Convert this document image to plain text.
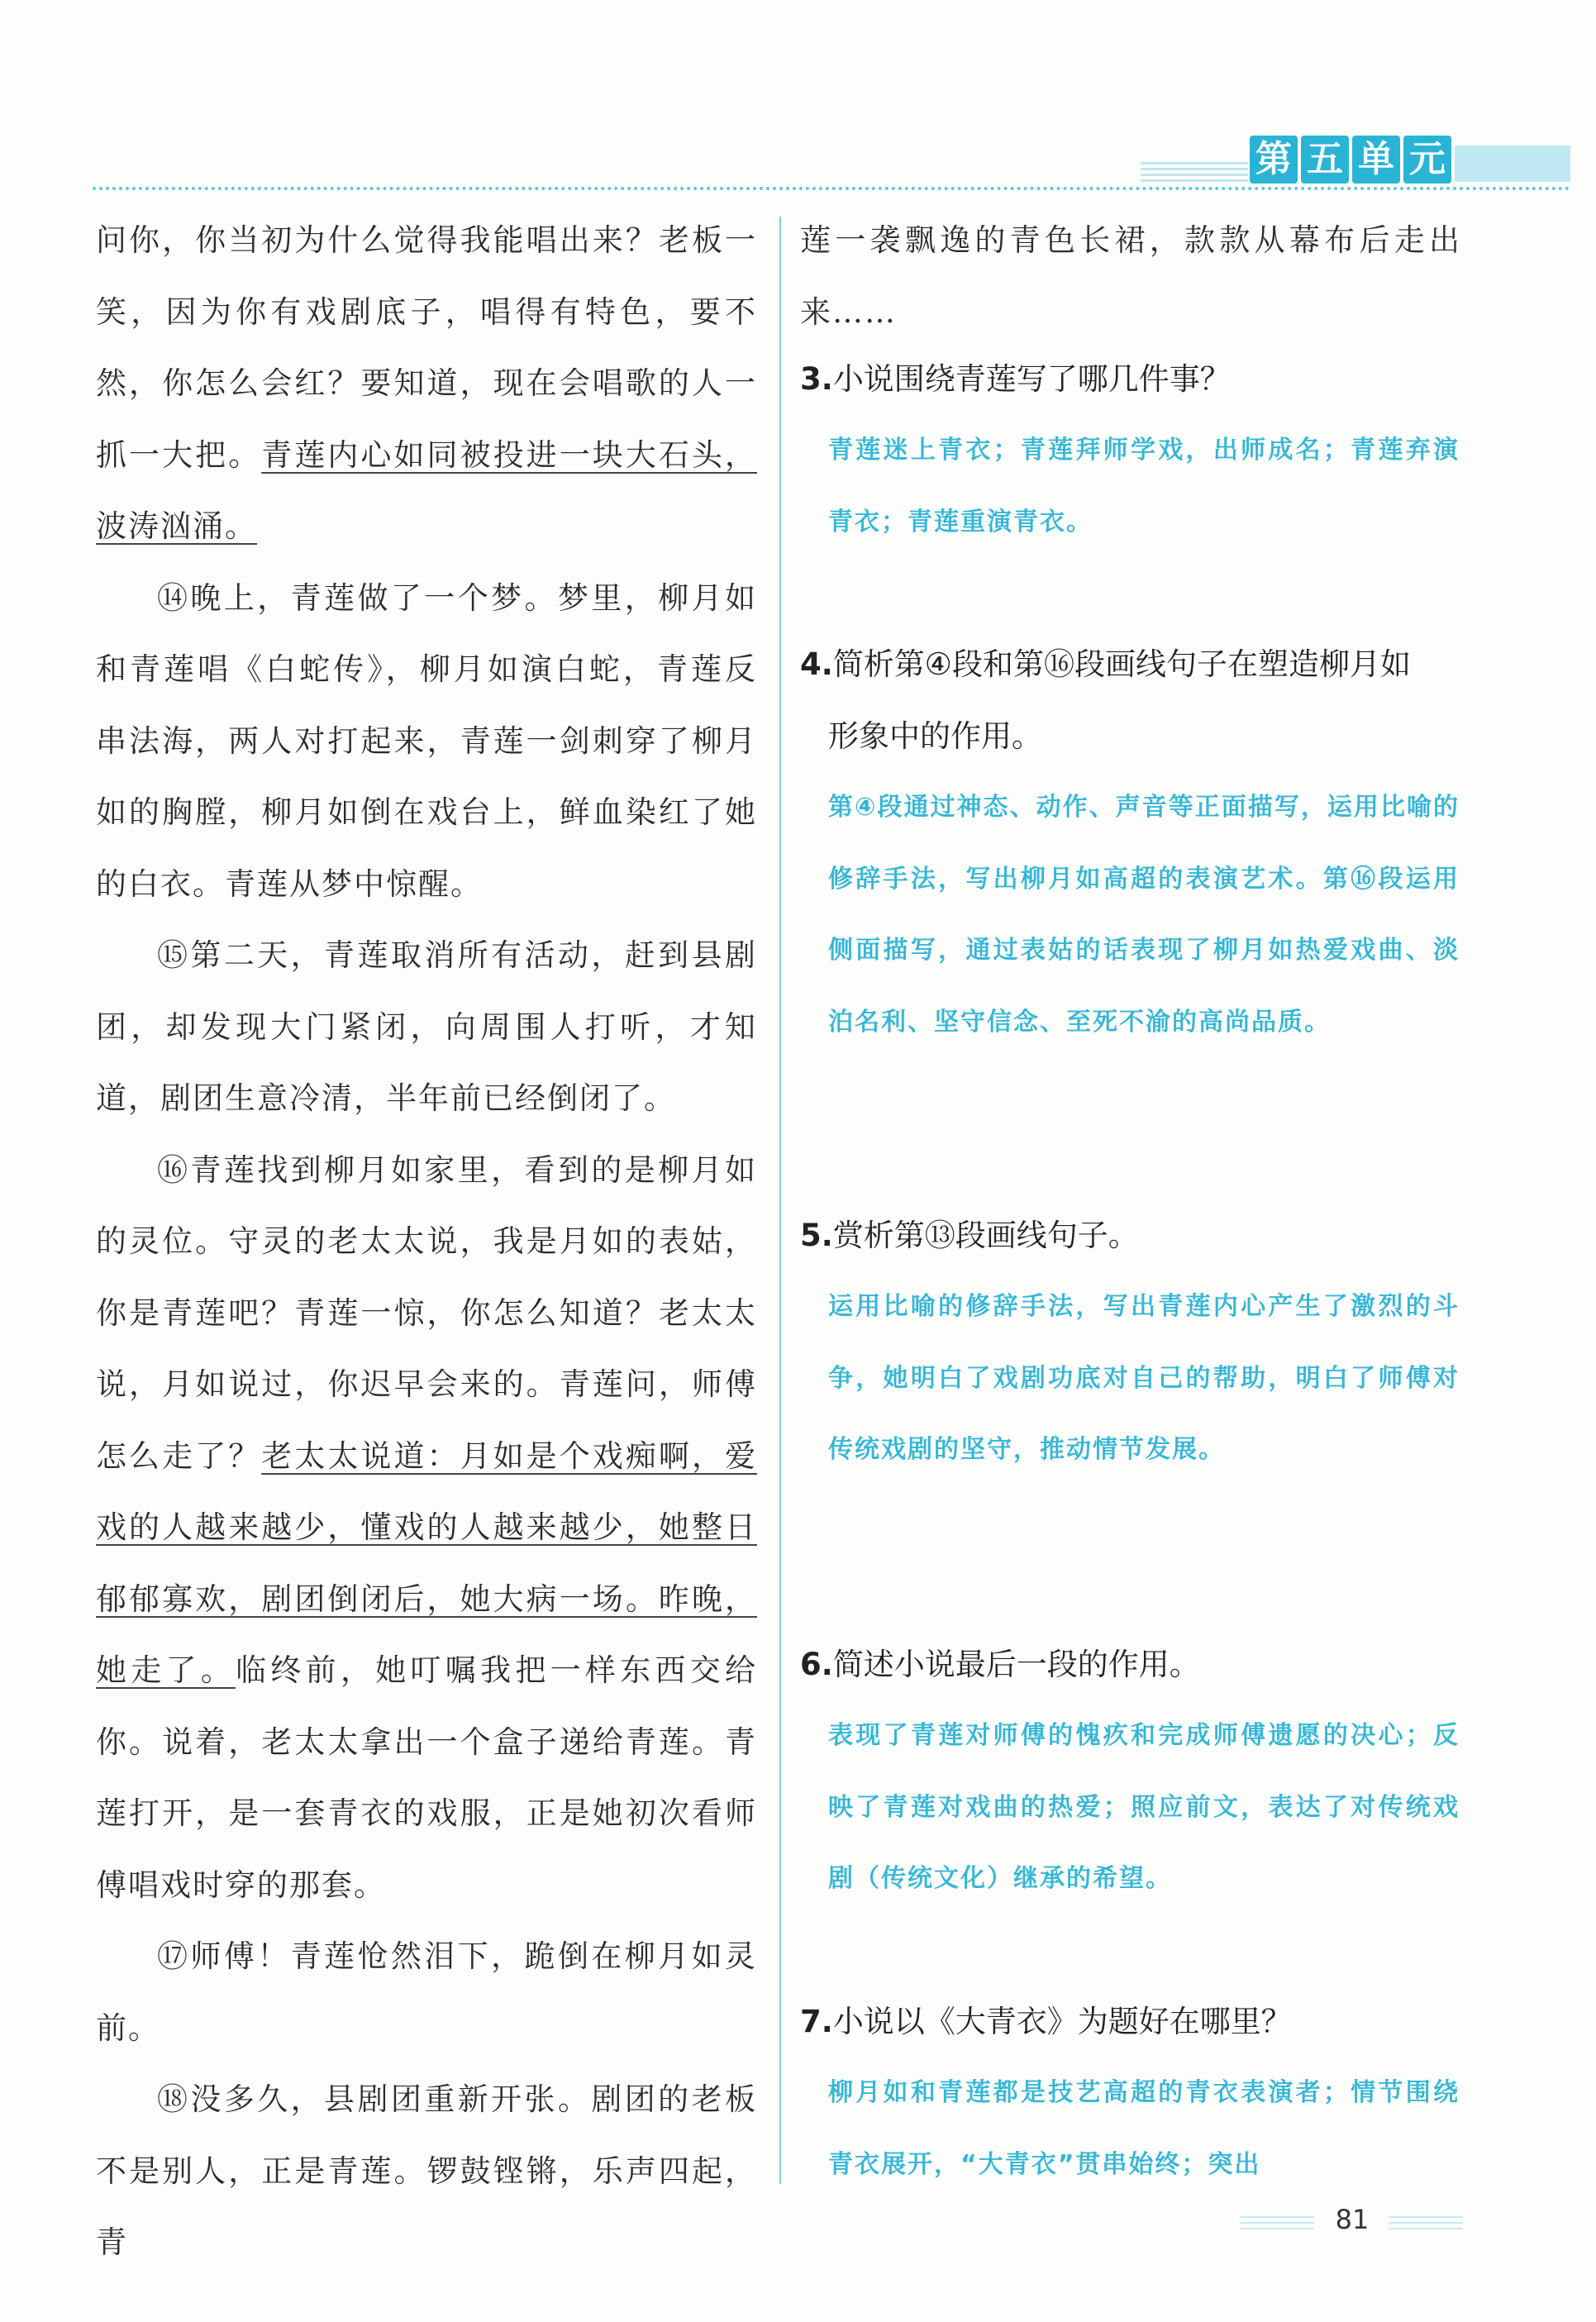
第 五 单 元

问你，你当初为什么觉得我能唱出来？老板一笑，因为你有戏剧底子，唱得有特色，要不然，你怎么会红？要知道，现在会唱歌的人一抓一大把。青莲内心如同被投进一块大石头，波涛汹涌。

⑭晚上，青莲做了一个梦。梦里，柳月如和青莲唱《白蛇传》，柳月如演白蛇，青莲反串法海，两人对打起来，青莲一剑刺穿了柳月如的胸膛，柳月如倒在戏台上，鲜血染红了她的白衣。青莲从梦中惊醒。

⑮第二天，青莲取消所有活动，赶到县剧团，却发现大门紧闭，向周围人打听，才知道，剧团生意冷清，半年前已经倒闭了。

⑯青莲找到柳月如家里，看到的是柳月如的灵位。守灵的老太太说，我是月如的表姑，你是青莲吧？青莲一惊，你怎么知道？老太太说，月如说过，你迟早会来的。青莲问，师傅怎么走了？老太太说道：月如是个戏痴啊，爱戏的人越来越少，懂戏的人越来越少，她整日郁郁寡欢，剧团倒闭后，她大病一场。昨晚，她走了。临终前，她叮嘱我把一样东西交给你。说着，老太太拿出一个盒子递给青莲。青莲打开，是一套青衣的戏服，正是她初次看师傅唱戏时穿的那套。

⑰师傅！青莲怆然泪下，跪倒在柳月如灵前。

⑱没多久，县剧团重新开张。剧团的老板不是别人，正是青莲。锣鼓铿锵，乐声四起，青

莲一袭飘逸的青色长裙，款款从幕布后走出来……

3.小说围绕青莲写了哪几件事？
青莲迷上青衣；青莲拜师学戏，出师成名；青莲弃演青衣；青莲重演青衣。
4.简析第④段和第⑯段画线句子在塑造柳月如
形象中的作用。
第④段通过神态、动作、声音等正面描写，运用比喻的修辞手法，写出柳月如高超的表演艺术。第⑯段运用侧面描写，通过表姑的话表现了柳月如热爱戏曲、淡泊名利、坚守信念、至死不渝的高尚品质。
5.赏析第⑬段画线句子。
运用比喻的修辞手法，写出青莲内心产生了激烈的斗争，她明白了戏剧功底对自己的帮助，明白了师傅对传统戏剧的坚守，推动情节发展。
6.简述小说最后一段的作用。
表现了青莲对师傅的愧疚和完成师傅遗愿的决心；反映了青莲对戏曲的热爱；照应前文，表达了对传统戏剧（传统文化）继承的希望。
7.小说以《大青衣》为题好在哪里？
柳月如和青莲都是技艺高超的青衣表演者；情节围绕青衣展开，“大青衣”贯串始终；突出
81
